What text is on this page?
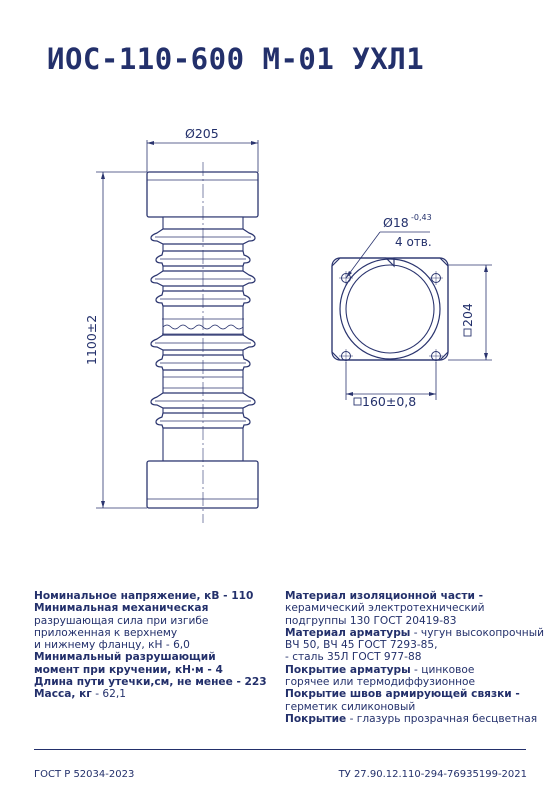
ИОС-110-600 М-01 УХЛ1
Ø205
1100±2
Ø18 -0,43
4 отв.
204
160±0,8
Номинальное напряжение, кВ - 110
Минимальная механическая
разрушающая сила при изгибе
приложенная к верхнему
и нижнему фланцу, кН - 6,0
Минимальный разрушающий
момент при кручении, кН·м - 4
Длина пути утечки,см, не менее - 223
Масса, кг - 62,1
Материал изоляционной части -
керамический электротехнический
подгруппы 130 ГОСТ 20419-83
Материал арматуры - чугун высокопрочный
ВЧ 50, ВЧ 45 ГОСТ 7293-85,
- сталь 35Л ГОСТ 977-88
Покрытие арматуры - цинковое
горячее или термодиффузионное
Покрытие швов армирующей связки -
герметик силиконовый
Покрытие - глазурь прозрачная бесцветная
ГОСТ Р 52034-2023	ТУ 27.90.12.110-294-76935199-2021
